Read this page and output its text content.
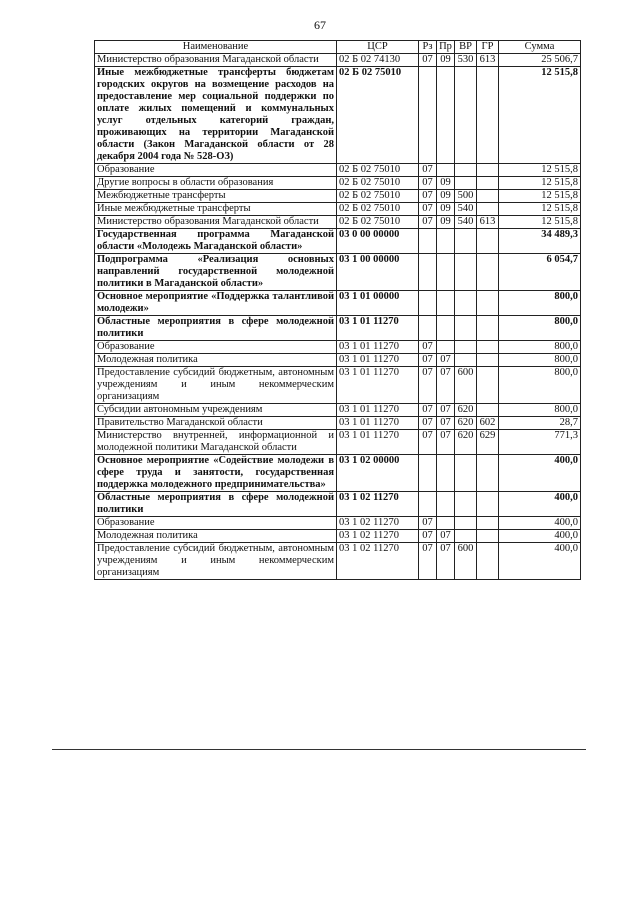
67
Наименование	ЦСР	Рз	Пр	ВР	ГР	Сумма
Министерство образования Магаданской области	02 Б 02 74130	07	09	530	613	25 506,7
Иные межбюджетные трансферты бюджетам городских округов на возмещение расходов на предоставление мер социальной поддержки по оплате жилых помещений и коммунальных услуг отдельных категорий граждан, проживающих на территории Магаданской области (Закон Магаданской области от 28 декабря 2004 года № 528-ОЗ)	02 Б 02 75010					12 515,8
Образование	02 Б 02 75010	07				12 515,8
Другие вопросы в области образования	02 Б 02 75010	07	09			12 515,8
Межбюджетные трансферты	02 Б 02 75010	07	09	500		12 515,8
Иные межбюджетные трансферты	02 Б 02 75010	07	09	540		12 515,8
Министерство образования Магаданской области	02 Б 02 75010	07	09	540	613	12 515,8
Государственная программа Магаданской области «Молодежь Магаданской области»	03 0 00 00000					34 489,3
Подпрограмма «Реализация основных направлений государственной молодежной политики в Магаданской области»	03 1 00 00000					6 054,7
Основное мероприятие «Поддержка талантливой молодежи»	03 1 01 00000					800,0
Областные мероприятия в сфере молодежной политики	03 1 01 11270					800,0
Образование	03 1 01 11270	07				800,0
Молодежная политика	03 1 01 11270	07	07			800,0
Предоставление субсидий бюджетным, автономным учреждениям и иным некоммерческим организациям	03 1 01 11270	07	07	600		800,0
Субсидии автономным учреждениям	03 1 01 11270	07	07	620		800,0
Правительство Магаданской области	03 1 01 11270	07	07	620	602	28,7
Министерство внутренней, информационной и молодежной политики Магаданской области	03 1 01 11270	07	07	620	629	771,3
Основное мероприятие «Содействие молодежи в сфере труда и занятости, государственная поддержка молодежного предпринимательства»	03 1 02 00000					400,0
Областные мероприятия в сфере молодежной политики	03 1 02 11270					400,0
Образование	03 1 02 11270	07				400,0
Молодежная политика	03 1 02 11270	07	07			400,0
Предоставление субсидий бюджетным, автономным учреждениям и иным некоммерческим организациям	03 1 02 11270	07	07	600		400,0
